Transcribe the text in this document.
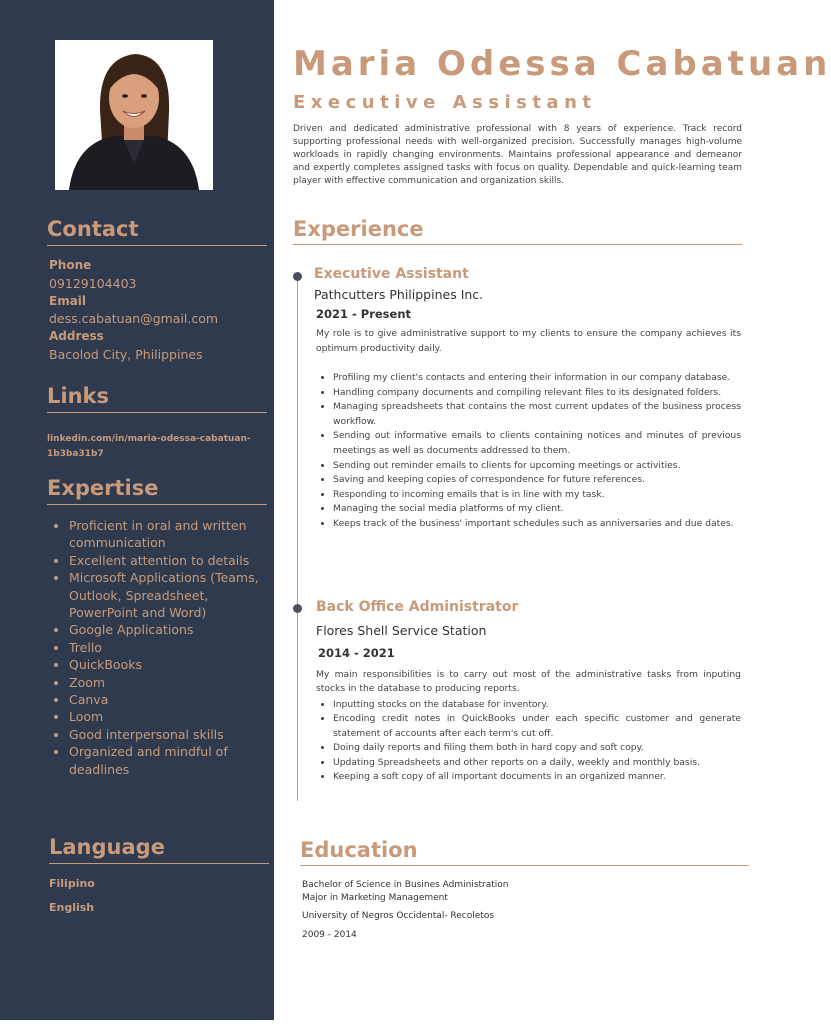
Contact
Phone
09129104403
Email
dess.cabatuan@gmail.com
Address
Bacolod City, Philippines
Links
linkedin.com/in/maria-odessa-cabatuan-1b3ba31b7
Expertise
• Proficient in oral and written communication
• Excellent attention to details
• Microsoft Applications (Teams, Outlook, Spreadsheet, PowerPoint and Word)
• Google Applications
• Trello
• QuickBooks
• Zoom
• Canva
• Loom
• Good interpersonal skills
• Organized and mindful of deadlines
Language
Filipino
English
Maria Odessa Cabatuan
Executive Assistant
Driven and dedicated administrative professional with 8 years of experience. Track record supporting professional needs with well-organized precision. Successfully manages high-volume workloads in rapidly changing environments. Maintains professional appearance and demeanor and expertly completes assigned tasks with focus on quality. Dependable and quick-learning team player with effective communication and organization skills.
Experience
Executive Assistant
Pathcutters Philippines Inc.
2021 - Present
My role is to give administrative support to my clients to ensure the company achieves its optimum productivity daily.
• Profiling my client's contacts and entering their information in our company database.
• Handling company documents and compiling relevant files to its designated folders.
• Managing spreadsheets that contains the most current updates of the business process workflow.
• Sending out informative emails to clients containing notices and minutes of previous meetings as well as documents addressed to them.
• Sending out reminder emails to clients for upcoming meetings or activities.
• Saving and keeping copies of correspondence for future references.
• Responding to incoming emails that is in line with my task.
• Managing the social media platforms of my client.
• Keeps track of the business' important schedules such as anniversaries and due dates.
Back Office Administrator
Flores Shell Service Station
2014 - 2021
My main responsibilities is to carry out most of the administrative tasks from inputing stocks in the database to producing reports.
• Inputting stocks on the database for inventory.
• Encoding credit notes in QuickBooks under each specific customer and generate statement of accounts after each term's cut off.
• Doing daily reports and filing them both in hard copy and soft copy.
• Updating Spreadsheets and other reports on a daily, weekly and monthly basis.
• Keeping a soft copy of all important documents in an organized manner.
Education
Bachelor of Science in Busines Administration
Major in Marketing Management
University of Negros Occidental- Recoletos
2009 - 2014
